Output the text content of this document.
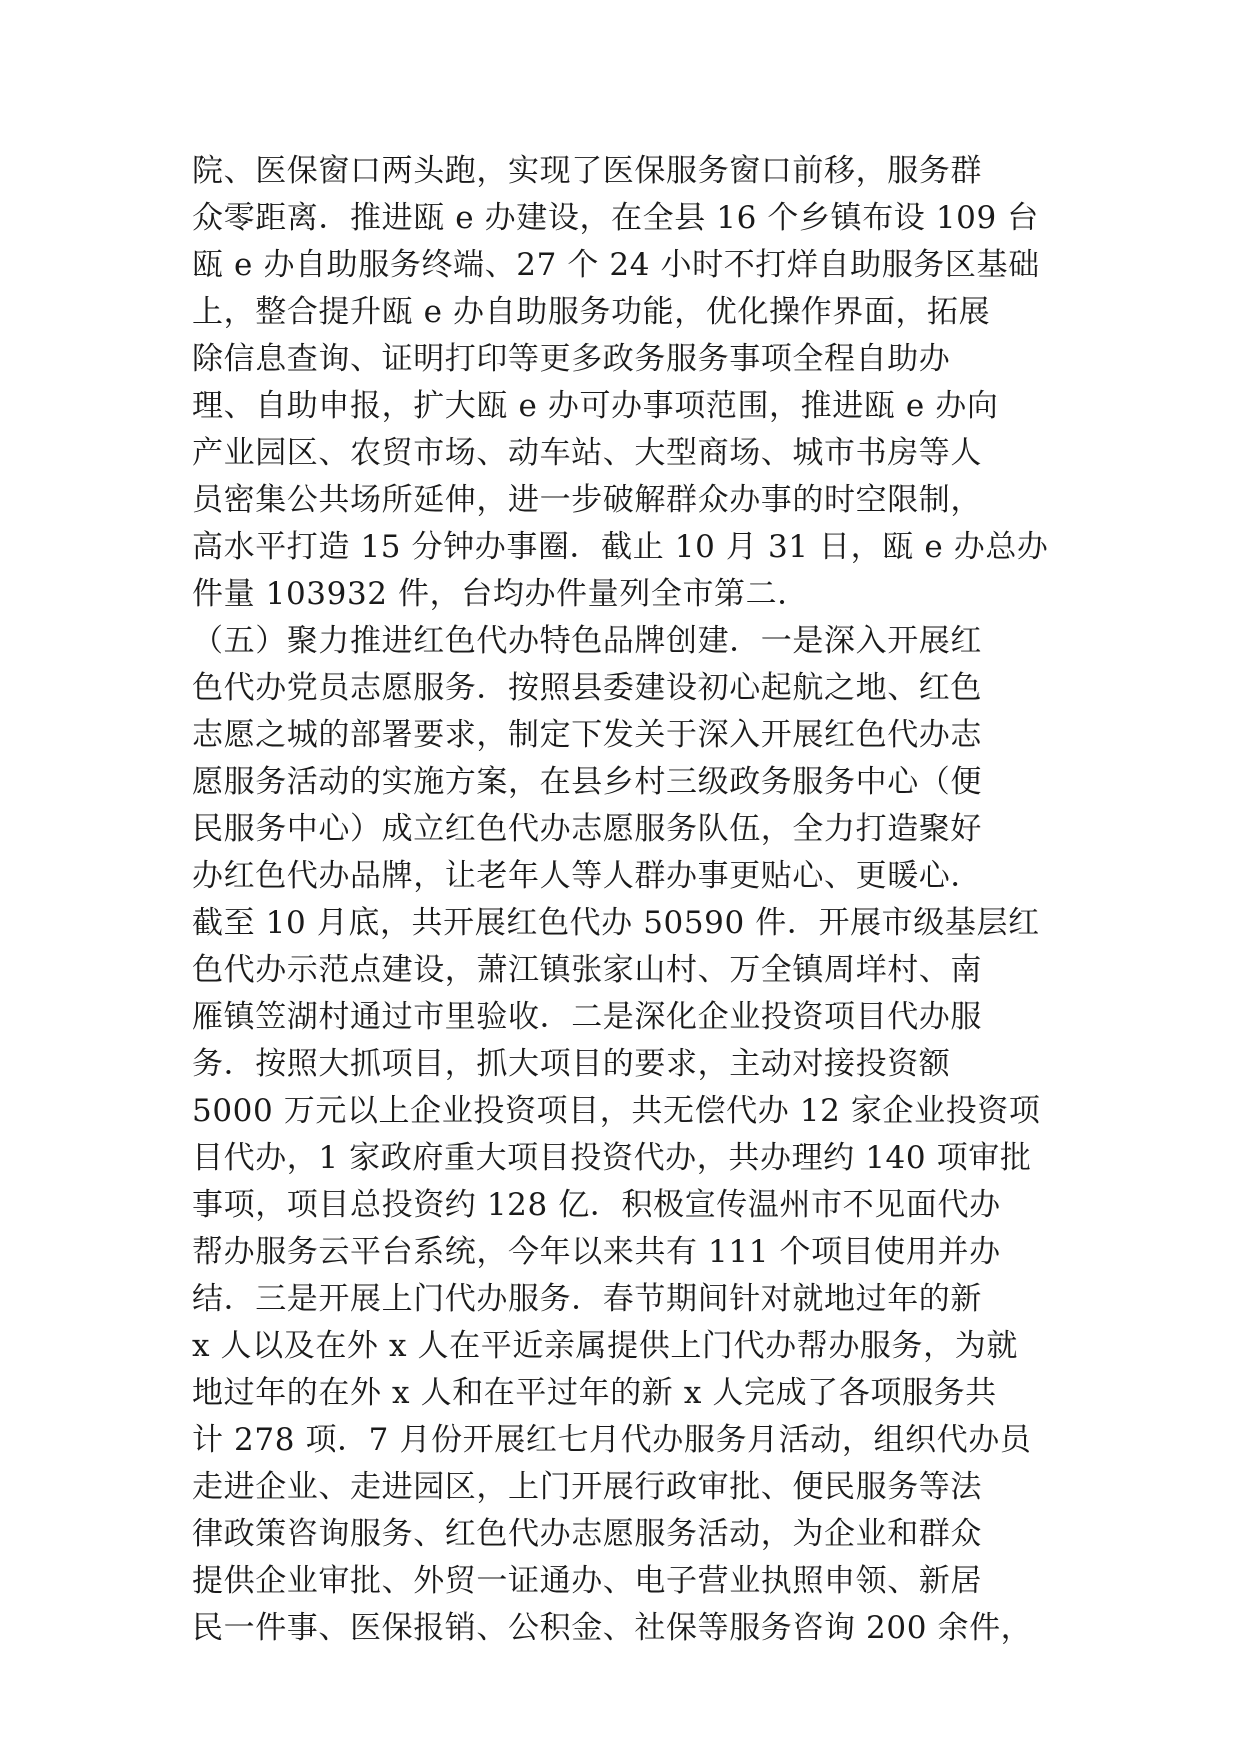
院、医保窗口两头跑，实现了医保服务窗口前移，服务群
众零距离．推进瓯 e 办建设，在全县 16 个乡镇布设 109 台
瓯 e 办自助服务终端、27 个 24 小时不打烊自助服务区基础
上，整合提升瓯 e 办自助服务功能，优化操作界面，拓展
除信息查询、证明打印等更多政务服务事项全程自助办
理、自助申报，扩大瓯 e 办可办事项范围，推进瓯 e 办向
产业园区、农贸市场、动车站、大型商场、城市书房等人
员密集公共场所延伸，进一步破解群众办事的时空限制，
高水平打造 15 分钟办事圈．截止 10 月 31 日，瓯 e 办总办
件量 103932 件，台均办件量列全市第二．
（五）聚力推进红色代办特色品牌创建．一是深入开展红
色代办党员志愿服务．按照县委建设初心起航之地、红色
志愿之城的部署要求，制定下发关于深入开展红色代办志
愿服务活动的实施方案，在县乡村三级政务服务中心（便
民服务中心）成立红色代办志愿服务队伍，全力打造聚好
办红色代办品牌，让老年人等人群办事更贴心、更暖心．
截至 10 月底，共开展红色代办 50590 件．开展市级基层红
色代办示范点建设，萧江镇张家山村、万全镇周垟村、南
雁镇笠湖村通过市里验收．二是深化企业投资项目代办服
务．按照大抓项目，抓大项目的要求，主动对接投资额
5000 万元以上企业投资项目，共无偿代办 12 家企业投资项
目代办，1 家政府重大项目投资代办，共办理约 140 项审批
事项，项目总投资约 128 亿．积极宣传温州市不见面代办
帮办服务云平台系统，今年以来共有 111 个项目使用并办
结．三是开展上门代办服务．春节期间针对就地过年的新
x 人以及在外 x 人在平近亲属提供上门代办帮办服务，为就
地过年的在外 x 人和在平过年的新 x 人完成了各项服务共
计 278 项．7 月份开展红七月代办服务月活动，组织代办员
走进企业、走进园区，上门开展行政审批、便民服务等法
律政策咨询服务、红色代办志愿服务活动，为企业和群众
提供企业审批、外贸一证通办、电子营业执照申领、新居
民一件事、医保报销、公积金、社保等服务咨询 200 余件，
